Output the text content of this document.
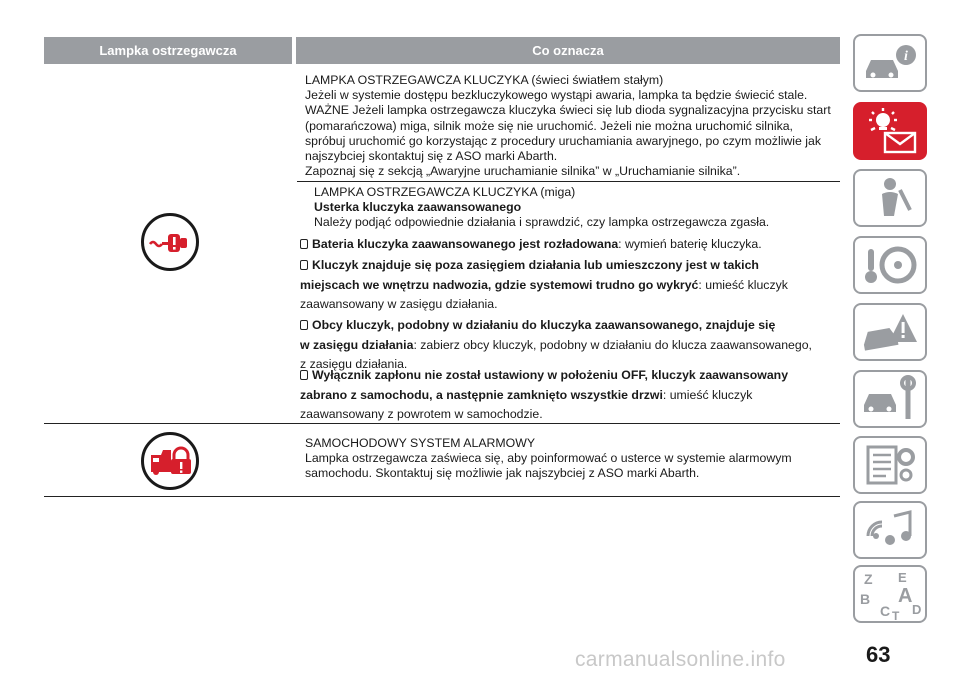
Lampka ostrzegawcza	Co oznacza
LAMPKA OSTRZEGAWCZA KLUCZYKA (świeci światłem stałym)
Jeżeli w systemie dostępu bezkluczykowego wystąpi awaria, lampka ta będzie świecić stale.
WAŻNE Jeżeli lampka ostrzegawcza kluczyka świeci się lub dioda sygnalizacyjna przycisku start
(pomarańczowa) miga, silnik może się nie uruchomić. Jeżeli nie można uruchomić silnika,
spróbuj uruchomić go korzystając z procedury uruchamiania awaryjnego, po czym możliwie jak
najszybciej skontaktuj się z ASO marki Abarth.
Zapoznaj się z sekcją „Awaryjne uruchamianie silnika” w „Uruchamianie silnika”.
LAMPKA OSTRZEGAWCZA KLUCZYKA (miga)
Usterka kluczyka zaawansowanego
Należy podjąć odpowiednie działania i sprawdzić, czy lampka ostrzegawcza zgasła.
Bateria kluczyka zaawansowanego jest rozładowana: wymień baterię kluczyka.
Kluczyk znajduje się poza zasięgiem działania lub umieszczony jest w takich
miejscach we wnętrzu nadwozia, gdzie systemowi trudno go wykryć: umieść kluczyk
zaawansowany w zasięgu działania.
Obcy kluczyk, podobny w działaniu do kluczyka zaawansowanego, znajduje się
w zasięgu działania: zabierz obcy kluczyk, podobny w działaniu do klucza zaawansowanego,
z zasięgu działania.
Wyłącznik zapłonu nie został ustawiony w położeniu OFF, kluczyk zaawansowany
zabrano z samochodu, a następnie zamknięto wszystkie drzwi: umieść kluczyk
zaawansowany z powrotem w samochodzie.
SAMOCHODOWY SYSTEM ALARMOWY
Lampka ostrzegawcza zaświeca się, aby poinformować o usterce w systemie alarmowym
samochodu. Skontaktuj się możliwie jak najszybciej z ASO marki Abarth.
i
Z E
A
B
C D
T
63
carmanualsonline.info
